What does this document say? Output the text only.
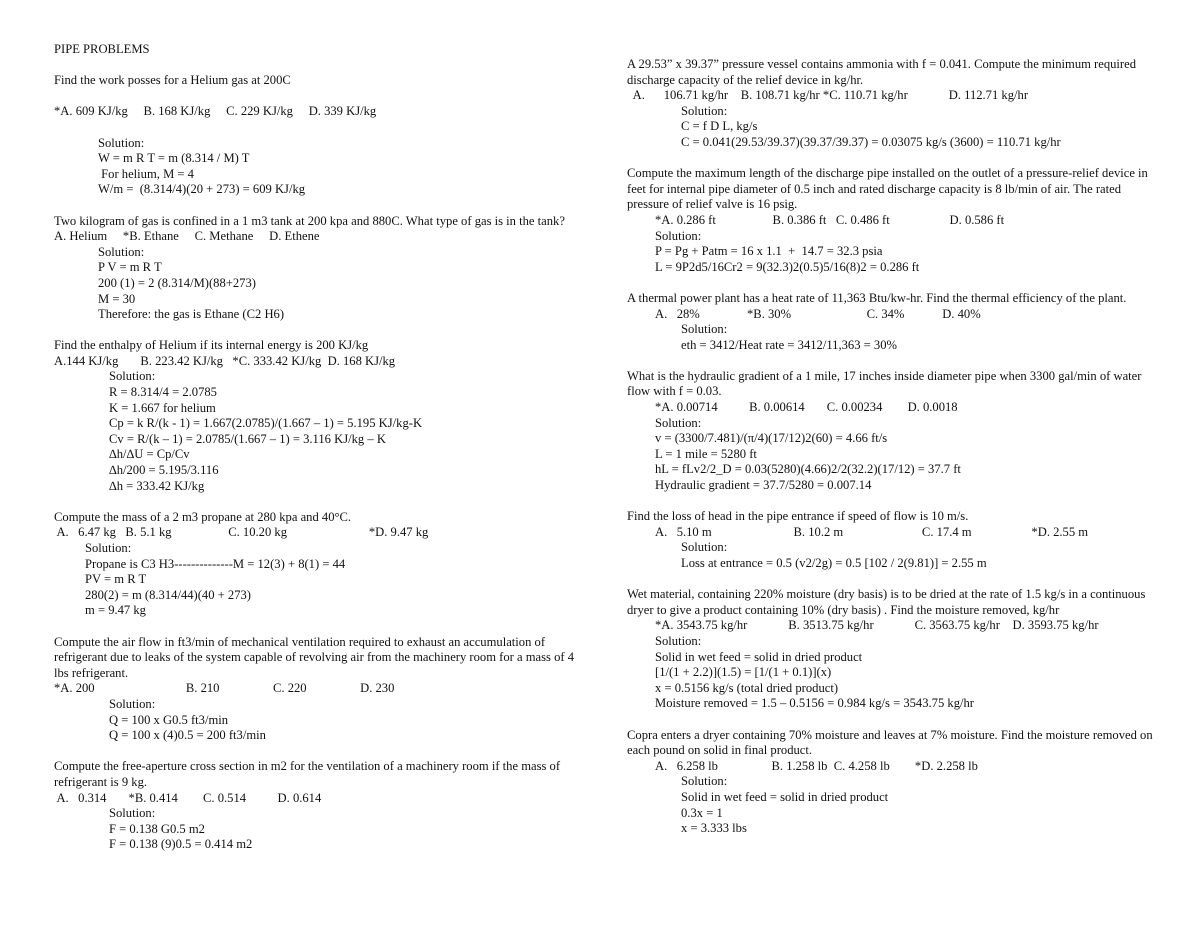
PIPE PROBLEMS
Find the work posses for a Helium gas at 200C
*A. 609 KJ/kg     B. 168 KJ/kg     C. 229 KJ/kg     D. 339 KJ/kg
Solution:
W = m R T = m (8.314 / M) T
For helium, M = 4
W/m =  (8.314/4)(20 + 273) = 609 KJ/kg
Two kilogram of gas is confined in a 1 m3 tank at 200 kpa and 880C. What type of gas is in the tank?
A. Helium     *B. Ethane     C. Methane     D. Ethene
Solution:
P V = m R T
200 (1) = 2 (8.314/M)(88+273)
M = 30
Therefore: the gas is Ethane (C2 H6)
Find the enthalpy of Helium if its internal energy is 200 KJ/kg
A.144 KJ/kg       B. 223.42 KJ/kg   *C. 333.42 KJ/kg  D. 168 KJ/kg
Solution:
R = 8.314/4 = 2.0785
K = 1.667 for helium
Cp = k R/(k - 1) = 1.667(2.0785)/(1.667 – 1) = 5.195 KJ/kg-K
Cv = R/(k – 1) = 2.0785/(1.667 – 1) = 3.116 KJ/kg – K
∆h/∆U = Cp/Cv
∆h/200 = 5.195/3.116
∆h = 333.42 KJ/kg
Compute the mass of a 2 m3 propane at 280 kpa and 40°C.
A.   6.47 kg   B. 5.1 kg                  C. 10.20 kg                          *D. 9.47 kg
Solution:
Propane is C3 H3--------------M = 12(3) + 8(1) = 44
PV = m R T
280(2) = m (8.314/44)(40 + 273)
m = 9.47 kg
Compute the air flow in ft3/min of mechanical ventilation required to exhaust an accumulation of refrigerant due to leaks of the system capable of revolving air from the machinery room for a mass of 4 lbs refrigerant.
*A. 200                             B. 210                 C. 220                 D. 230
Solution:
Q = 100 x G0.5 ft3/min
Q = 100 x (4)0.5 = 200 ft3/min
Compute the free-aperture cross section in m2 for the ventilation of a machinery room if the mass of refrigerant is 9 kg.
A.   0.314       *B. 0.414        C. 0.514          D. 0.614
Solution:
F = 0.138 G0.5 m2
F = 0.138 (9)0.5 = 0.414 m2
A 29.53” x 39.37” pressure vessel contains ammonia with f = 0.041. Compute the minimum required discharge capacity of the relief device in kg/hr.
A.      106.71 kg/hr    B. 108.71 kg/hr *C. 110.71 kg/hr             D. 112.71 kg/hr
Solution:
C = f D L, kg/s
C = 0.041(29.53/39.37)(39.37/39.37) = 0.03075 kg/s (3600) = 110.71 kg/hr
Compute the maximum length of the discharge pipe installed on the outlet of a pressure-relief device in feet for internal pipe diameter of 0.5 inch and rated discharge capacity is 8 lb/min of air. The rated pressure of relief valve is 16 psig.
*A. 0.286 ft                  B. 0.386 ft   C. 0.486 ft                   D. 0.586 ft
Solution:
P = Pg + Patm = 16 x 1.1  +  14.7 = 32.3 psia
L = 9P2d5/16Cr2 = 9(32.3)2(0.5)5/16(8)2 = 0.286 ft
A thermal power plant has a heat rate of 11,363 Btu/kw-hr. Find the thermal efficiency of the plant.
A.   28%               *B. 30%                        C. 34%            D. 40%
Solution:
eth = 3412/Heat rate = 3412/11,363 = 30%
What is the hydraulic gradient of a 1 mile, 17 inches inside diameter pipe when 3300 gal/min of water flow with f = 0.03.
*A. 0.00714          B. 0.00614       C. 0.00234        D. 0.0018
Solution:
v = (3300/7.481)/(π/4)(17/12)2(60) = 4.66 ft/s
L = 1 mile = 5280 ft
hL = fLv2/2_D = 0.03(5280)(4.66)2/2(32.2)(17/12) = 37.7 ft
Hydraulic gradient = 37.7/5280 = 0.007.14
Find the loss of head in the pipe entrance if speed of flow is 10 m/s.
A.   5.10 m                          B. 10.2 m                         C. 17.4 m                   *D. 2.55 m
Solution:
Loss at entrance = 0.5 (v2/2g) = 0.5 [102 / 2(9.81)] = 2.55 m
Wet material, containing 220% moisture (dry basis) is to be dried at the rate of 1.5 kg/s in a continuous dryer to give a product containing 10% (dry basis) . Find the moisture removed, kg/hr
*A. 3543.75 kg/hr             B. 3513.75 kg/hr             C. 3563.75 kg/hr    D. 3593.75 kg/hr
Solution:
Solid in wet feed = solid in dried product
[1/(1 + 2.2)](1.5) = [1/(1 + 0.1)](x)
x = 0.5156 kg/s (total dried product)
Moisture removed = 1.5 – 0.5156 = 0.984 kg/s = 3543.75 kg/hr
Copra enters a dryer containing 70% moisture and leaves at 7% moisture. Find the moisture removed on each pound on solid in final product.
A.   6.258 lb                 B. 1.258 lb  C. 4.258 lb        *D. 2.258 lb
Solution:
Solid in wet feed = solid in dried product
0.3x = 1
x = 3.333 lbs
